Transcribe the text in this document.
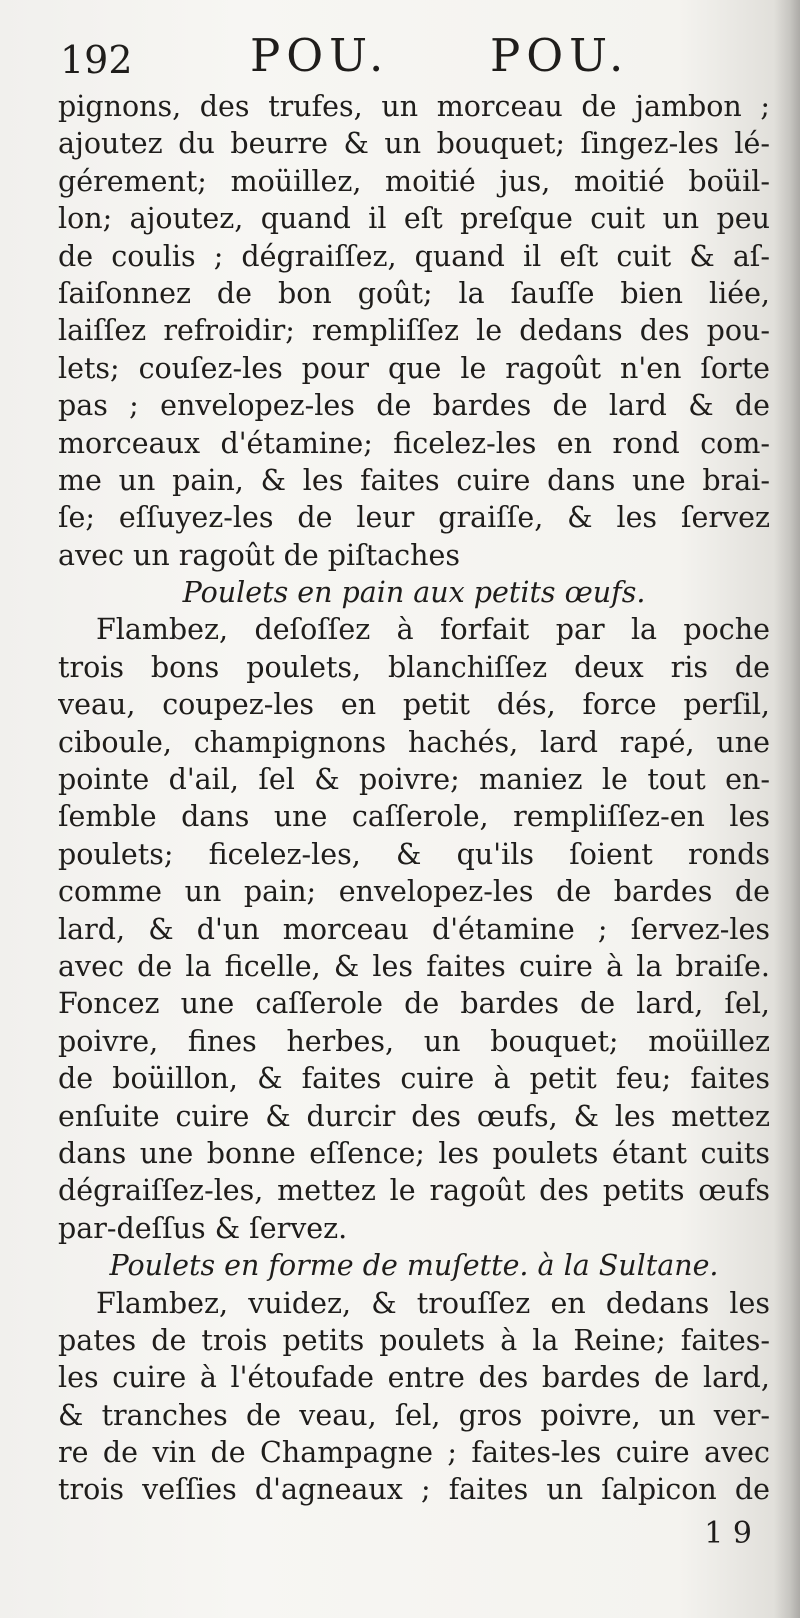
192	POU. POU.
pignons, des trufes, un morceau de jambon ;
ajoutez du beurre & un bouquet; ſingez-les lé-
gérement; moüillez, moitié jus, moitié boüil-
lon; ajoutez, quand il eſt preſque cuit un peu
de coulis ; dégraiſſez, quand il eſt cuit & aſ-
ſaiſonnez de bon goût; la ſauſſe bien liée,
laiſſez refroidir; rempliſſez le dedans des pou-
lets; couſez-les pour que le ragoût n'en ſorte
pas ; envelopez-les de bardes de lard & de
morceaux d'étamine; ficelez-les en rond com-
me un pain, & les faites cuire dans une brai-
ſe; eſſuyez-les de leur graiſſe, & les ſervez
avec un ragoût de piſtaches
Poulets en pain aux petits œufs.
Flambez, deſoſſez à forfait par la poche
trois bons poulets, blanchiſſez deux ris de
veau, coupez-les en petit dés, force perſil,
ciboule, champignons hachés, lard rapé, une
pointe d'ail, ſel & poivre; maniez le tout en-
ſemble dans une caſſerole, rempliſſez-en les
poulets; ficelez-les, & qu'ils ſoient ronds
comme un pain; envelopez-les de bardes de
lard, & d'un morceau d'étamine ; ſervez-les
avec de la ficelle, & les faites cuire à la braiſe.
Foncez une caſſerole de bardes de lard, ſel,
poivre, fines herbes, un bouquet; moüillez
de boüillon, & faites cuire à petit feu; faites
enſuite cuire & durcir des œufs, & les mettez
dans une bonne eſſence; les poulets étant cuits
dégraiſſez-les, mettez le ragoût des petits œufs
par-deſſus & ſervez.
Poulets en forme de muſette. à la Sultane.
Flambez, vuidez, & trouſſez en dedans les
pates de trois petits poulets à la Reine; faites-
les cuire à l'étoufade entre des bardes de lard,
& tranches de veau, ſel, gros poivre, un ver-
re de vin de Champagne ; faites-les cuire avec
trois veſſies d'agneaux ; faites un ſalpicon de
1 9
